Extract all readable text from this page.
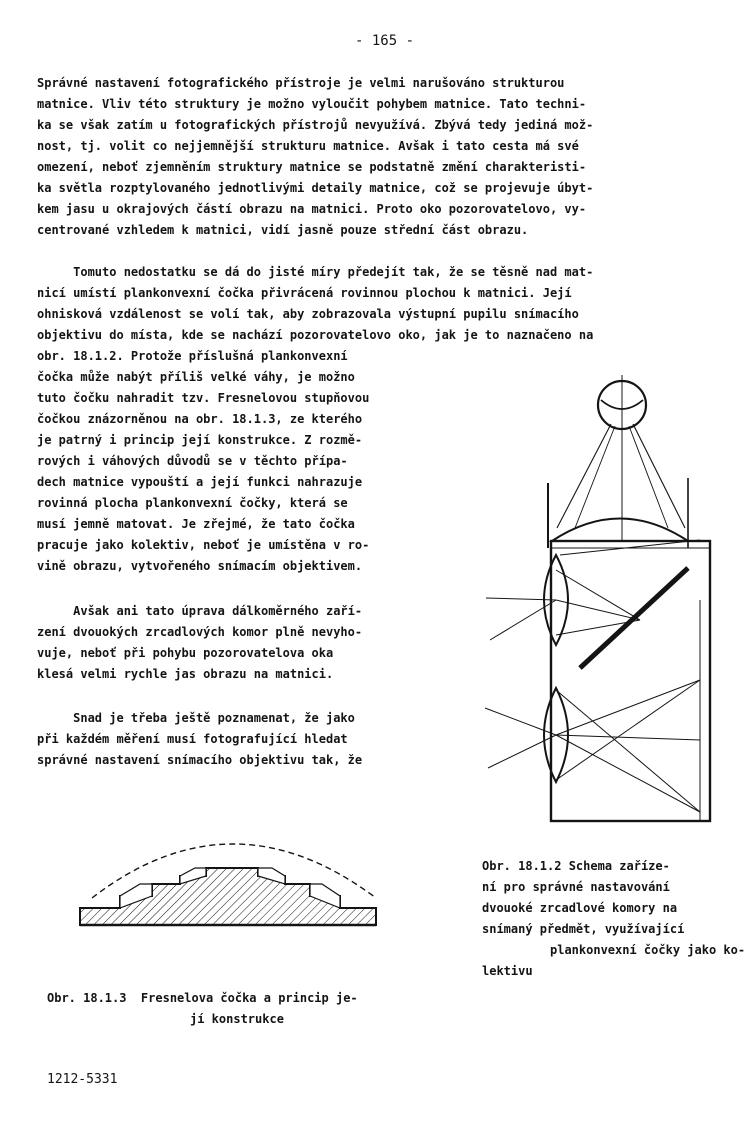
- 165 -
Správné nastavení fotografického přístroje je velmi narušováno strukturou
matnice. Vliv této struktury je možno vyloučit pohybem matnice. Tato techni-
ka se však zatím u fotografických přístrojů nevyužívá. Zbývá tedy jediná mož-
nost, tj. volit co nejjemnější strukturu matnice. Avšak i tato cesta má své
omezení, neboť zjemněním struktury matnice se podstatně změní charakteristi-
ka světla rozptylovaného jednotlivými detaily matnice, což se projevuje úbyt-
kem jasu u okrajových částí obrazu na matnici. Proto oko pozorovatelovo, vy-
centrované vzhledem k matnici, vidí jasně pouze střední část obrazu.
Tomuto nedostatku se dá do jisté míry předejít tak, že se těsně nad mat-
nicí umístí plankonvexní čočka přivrácená rovinnou plochou k matnici. Její
ohnisková vzdálenost se volí tak, aby zobrazovala výstupní pupilu snímacího
objektivu do místa, kde se nachází pozorovatelovo oko, jak je to naznačeno na
obr. 18.1.2. Protože příslušná plankonvexní
čočka může nabýt příliš velké váhy, je možno
tuto čočku nahradit tzv. Fresnelovou stupňovou
čočkou znázorněnou na obr. 18.1.3, ze kterého
je patrný i princip její konstrukce. Z rozmě-
rových i váhových důvodů se v těchto přípa-
dech matnice vypouští a její funkci nahrazuje
rovinná plocha plankonvexní čočky, která se
musí jemně matovat. Je zřejmé, že tato čočka
pracuje jako kolektiv, neboť je umístěna v ro-
vině obrazu, vytvořeného snímacím objektivem.
Avšak ani tato úprava dálkoměrného zaří-
zení dvouokých zrcadlových komor plně nevyho-
vuje, neboť při pohybu pozorovatelova oka
klesá velmi rychle jas obrazu na matnici.
Snad je třeba ještě poznamenat, že jako
při každém měření musí fotografující hledat
správné nastavení snímacího objektivu tak, že
Obr. 18.1.2 Schema zaříze-
ní pro správné nastavování
dvouoké zrcadlové komory na
snímaný předmět, využívající
plankonvexní čočky jako ko-
lektivu
Obr. 18.1.3  Fresnelova čočka a princip je-
jí konstrukce
1212-5331
